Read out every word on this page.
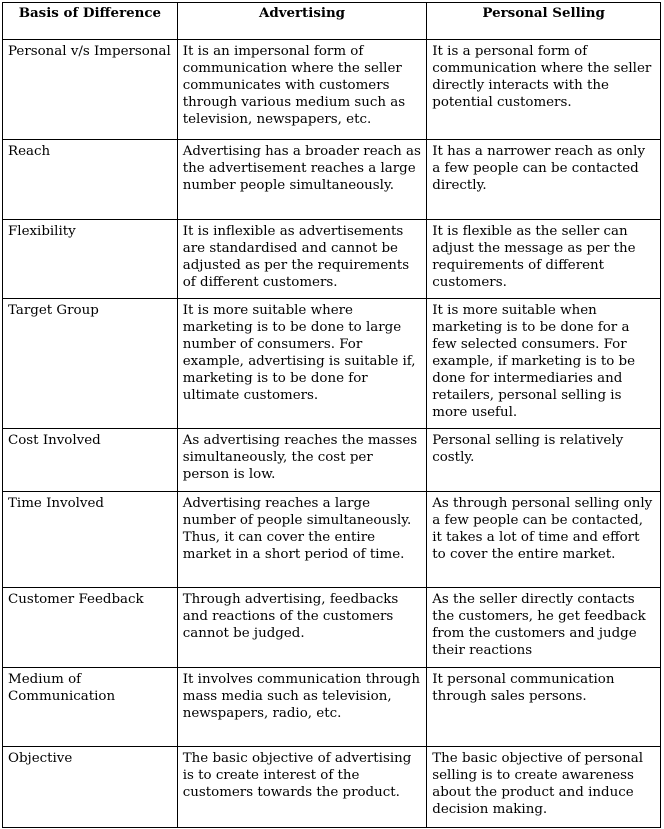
Basis of Difference	Advertising	Personal Selling
Personal v/s Impersonal	It is an impersonal form of communication where the seller communicates with customers through various medium such as television, newspapers, etc.	It is a personal form of communication where the seller directly interacts with the potential customers.
Reach	Advertising has a broader reach as the advertisement reaches a large number people simultaneously.	It has a narrower reach as only a few people can be contacted directly.
Flexibility	It is inflexible as advertisements are standardised and cannot be adjusted as per the requirements of different customers.	It is flexible as the seller can adjust the message as per the requirements of different customers.
Target Group	It is more suitable where marketing is to be done to large number of consumers. For example, advertising is suitable if, marketing is to be done for ultimate customers.	It is more suitable when marketing is to be done for a few selected consumers. For example, if marketing is to be done for intermediaries and retailers, personal selling is more useful.
Cost Involved	As advertising reaches the masses simultaneously, the cost per person is low.	Personal selling is relatively costly.
Time Involved	Advertising reaches a large number of people simultaneously. Thus, it can cover the entire market in a short period of time.	As through personal selling only a few people can be contacted, it takes a lot of time and effort to cover the entire market.
Customer Feedback	Through advertising, feedbacks and reactions of the customers cannot be judged.	As the seller directly contacts the customers, he get feedback from the customers and judge their reactions
Medium of Communication	It involves communication through mass media such as television, newspapers, radio, etc.	It personal communication through sales persons.
Objective	The basic objective of advertising is to create interest of the customers towards the product.	The basic objective of personal selling is to create awareness about the product and induce decision making.
